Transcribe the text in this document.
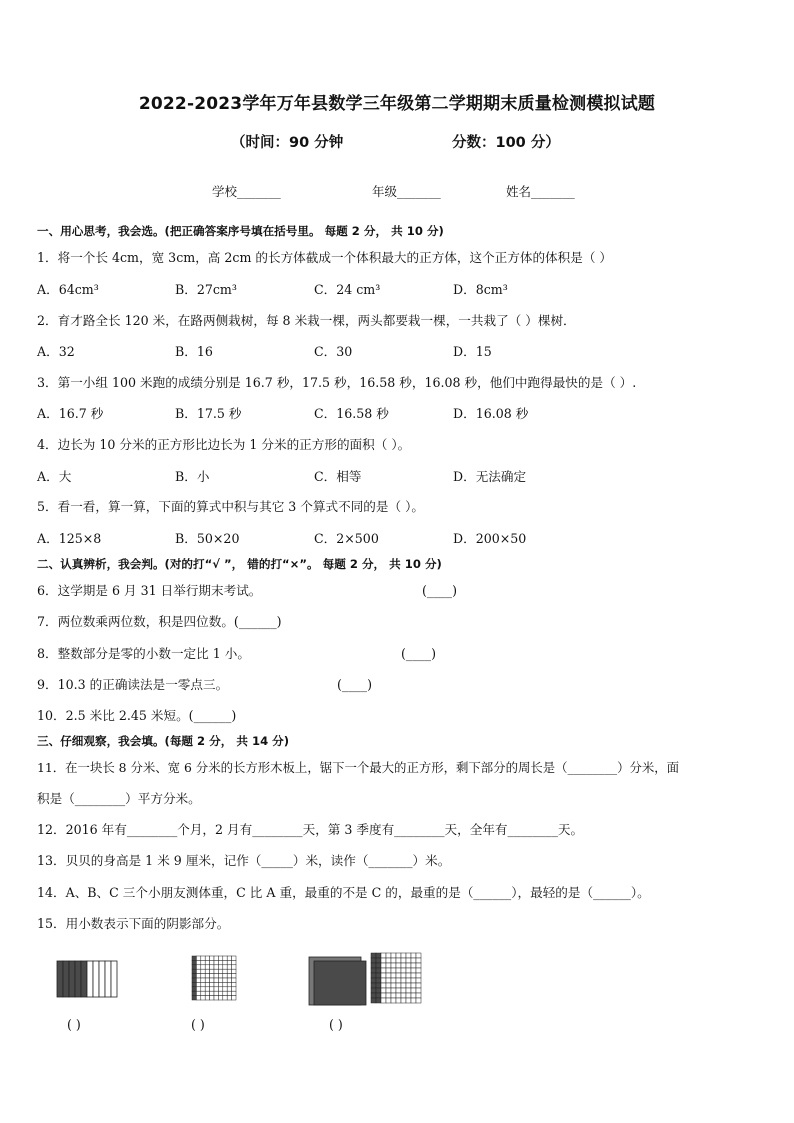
2022-2023学年万年县数学三年级第二学期期末质量检测模拟试题
（时间：90 分钟	分数：100 分）
学校_______	年级_______	姓名_______
一、用心思考，我会选。(把正确答案序号填在括号里。 每题 2 分， 共 10 分)
1．将一个长 4cm，宽 3cm，高 2cm 的长方体截成一个体积最大的正方体，这个正方体的体积是（ ）
A．64cm³	B．27cm³	C．24 cm³	D．8cm³
2．育才路全长 120 米，在路两侧栽树，每 8 米栽一棵，两头都要栽一棵，一共栽了（ ）棵树．
A．32	B．16	C．30	D．15
3．第一小组 100 米跑的成绩分别是 16.7 秒，17.5 秒，16.58 秒，16.08 秒，他们中跑得最快的是（ ）.
A．16.7 秒	B．17.5 秒	C．16.58 秒	D．16.08 秒
4．边长为 10 分米的正方形比边长为 1 分米的正方形的面积（ ）。
A．大	B．小	C．相等	D．无法确定
5．看一看，算一算，下面的算式中积与其它 3 个算式不同的是（ ）。
A．125×8	B．50×20	C．2×500	D．200×50
二、认真辨析，我会判。(对的打“√ ”， 错的打“×”。 每题 2 分， 共 10 分)
6．这学期是 6 月 31 日举行期末考试。	(____)
7．两位数乘两位数，积是四位数。(______)
8．整数部分是零的小数一定比 1 小。	(____)
9．10.3 的正确读法是一零点三。	(____)
10．2.5 米比 2.45 米短。(______)
三、仔细观察，我会填。(每题 2 分， 共 14 分)
11．在一块长 8 分米、宽 6 分米的长方形木板上，锯下一个最大的正方形，剩下部分的周长是（________）分米，面
积是（________）平方分米。
12．2016 年有________个月，2 月有________天，第 3 季度有________天，全年有________天。
13．贝贝的身高是 1 米 9 厘米，记作（_____）米，读作（_______）米。
14．A、B、C 三个小朋友测体重，C 比 A 重，最重的不是 C 的，最重的是（______），最轻的是（______）。
15．用小数表示下面的阴影部分。
( )	( )	( )
